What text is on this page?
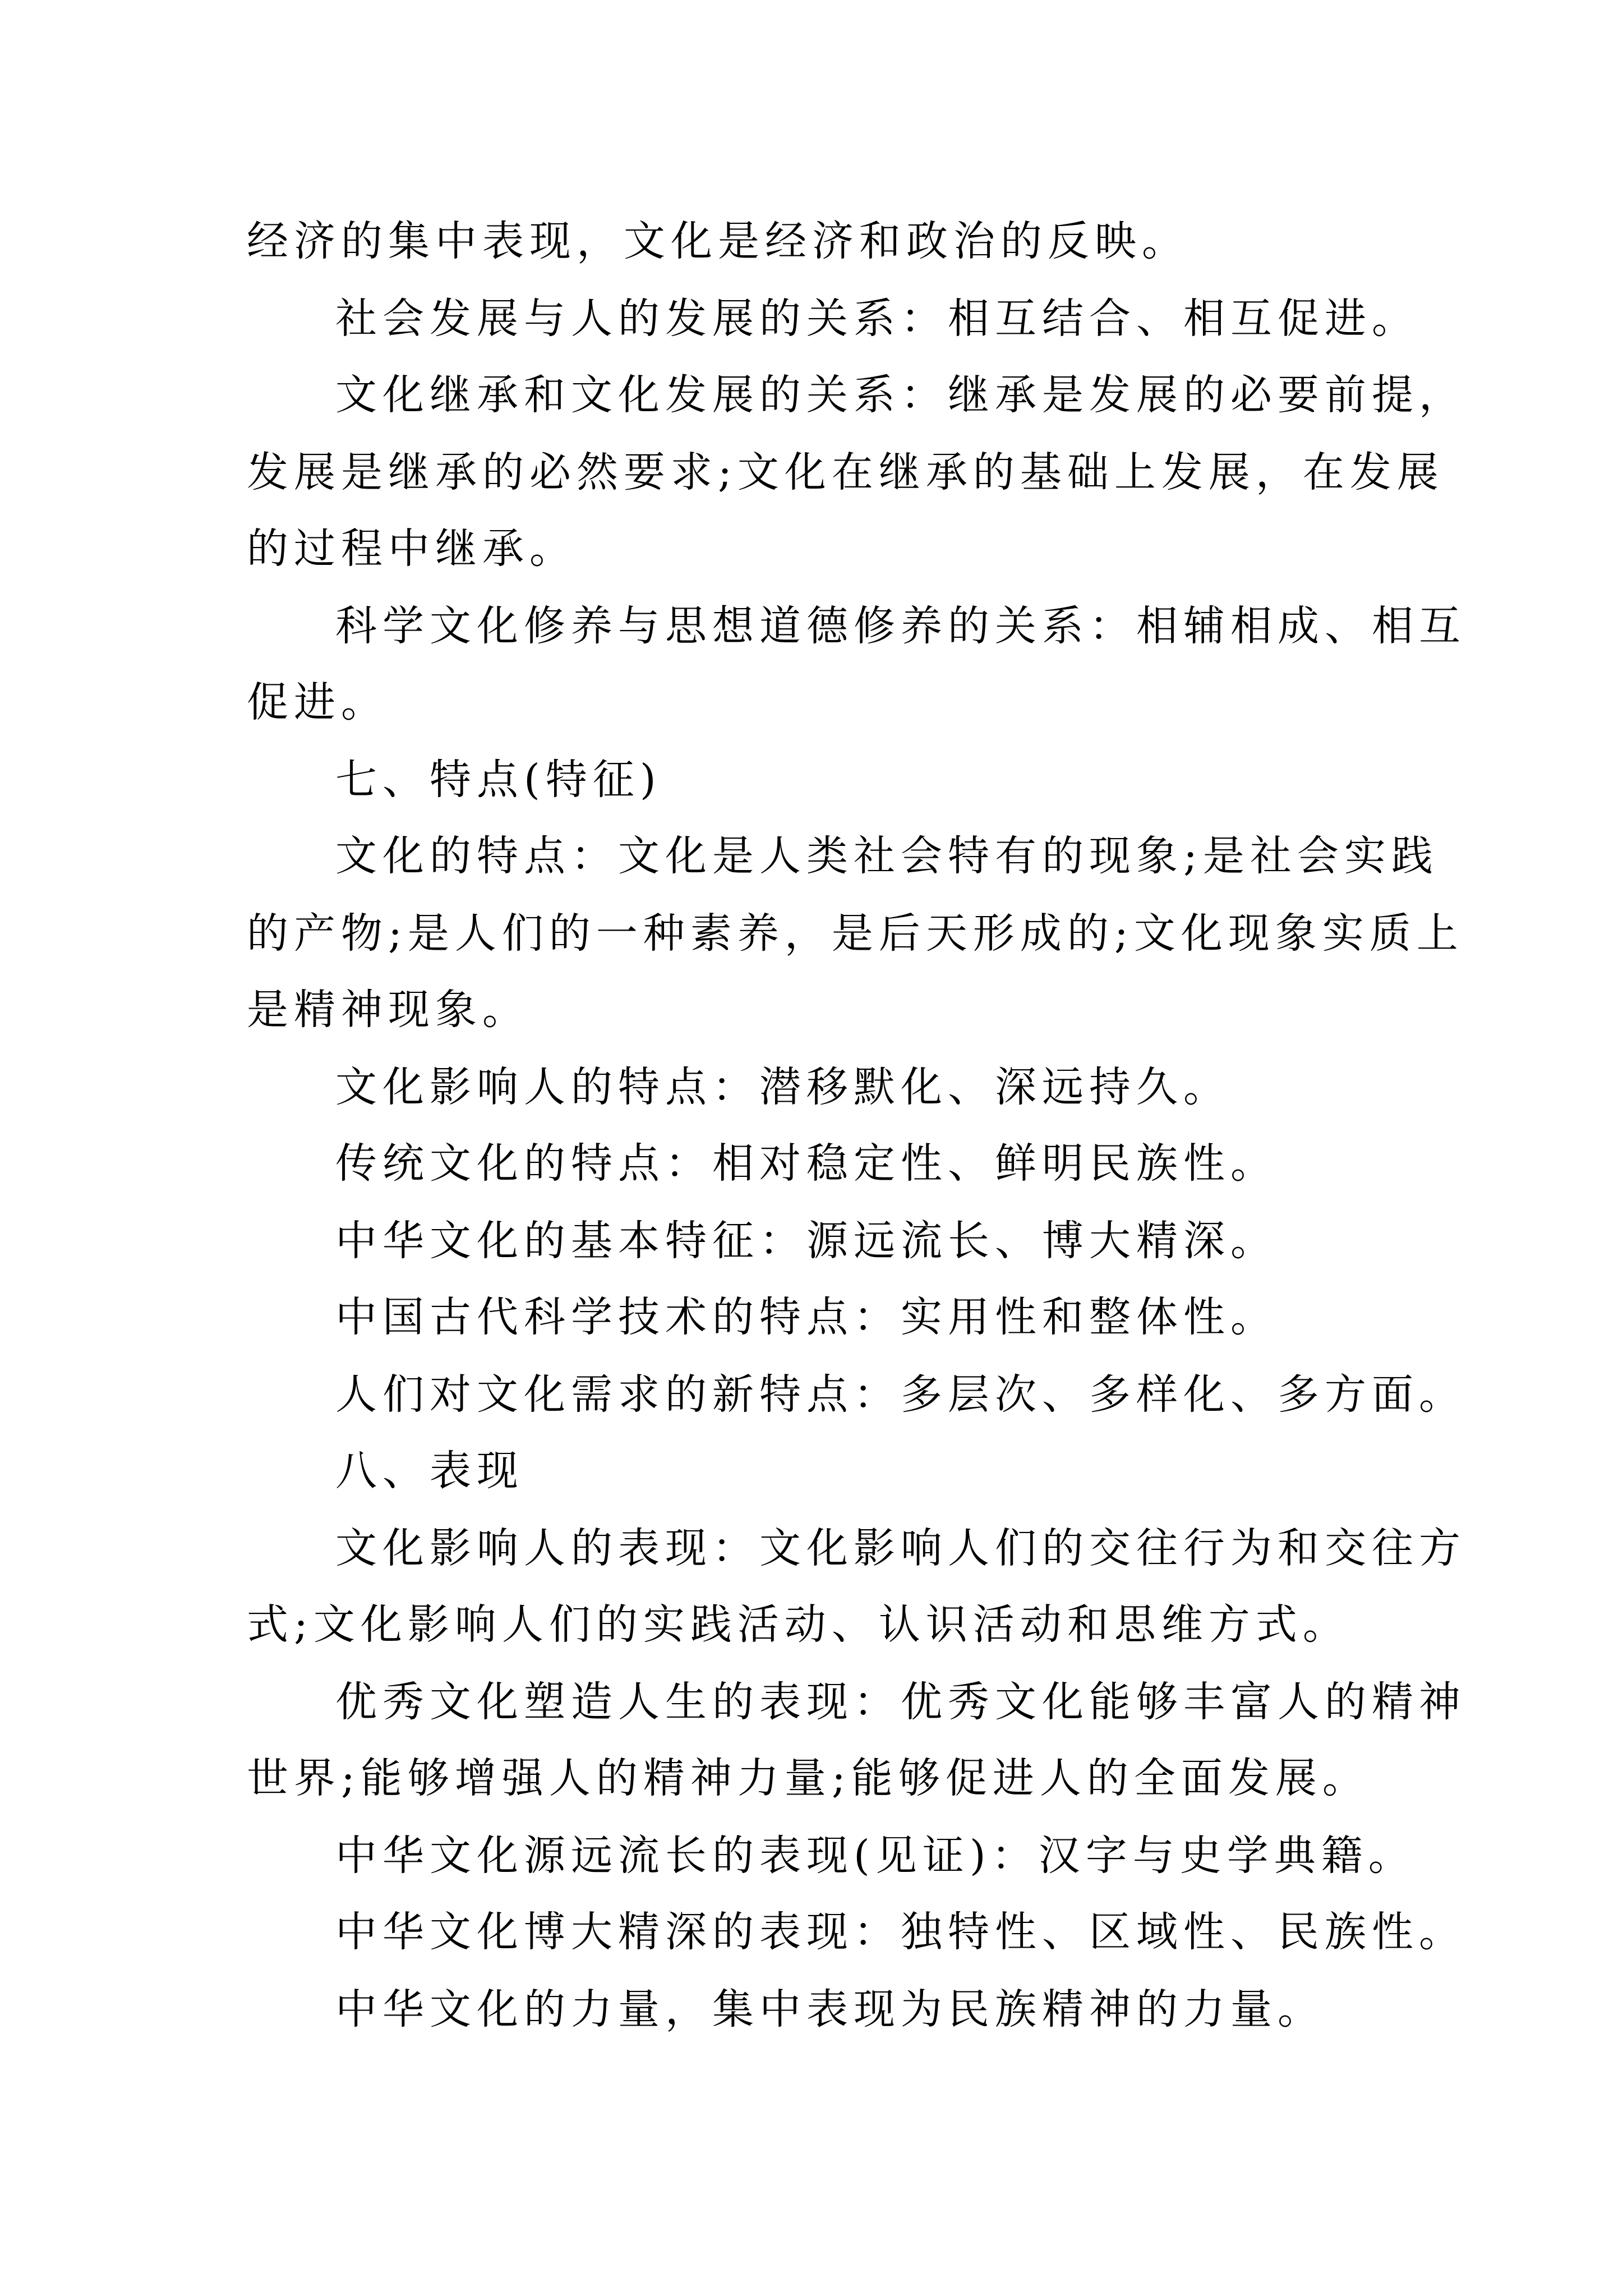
经济的集中表现，文化是经济和政治的反映。
社会发展与人的发展的关系：相互结合、相互促进。
文化继承和文化发展的关系：继承是发展的必要前提，
发展是继承的必然要求;文化在继承的基础上发展，在发展
的过程中继承。
科学文化修养与思想道德修养的关系：相辅相成、相互
促进。
七、特点(特征)
文化的特点：文化是人类社会特有的现象;是社会实践
的产物;是人们的一种素养，是后天形成的;文化现象实质上
是精神现象。
文化影响人的特点：潜移默化、深远持久。
传统文化的特点：相对稳定性、鲜明民族性。
中华文化的基本特征：源远流长、博大精深。
中国古代科学技术的特点：实用性和整体性。
人们对文化需求的新特点：多层次、多样化、多方面。
八、表现
文化影响人的表现：文化影响人们的交往行为和交往方
式;文化影响人们的实践活动、认识活动和思维方式。
优秀文化塑造人生的表现：优秀文化能够丰富人的精神
世界;能够增强人的精神力量;能够促进人的全面发展。
中华文化源远流长的表现(见证)：汉字与史学典籍。
中华文化博大精深的表现：独特性、区域性、民族性。
中华文化的力量，集中表现为民族精神的力量。
